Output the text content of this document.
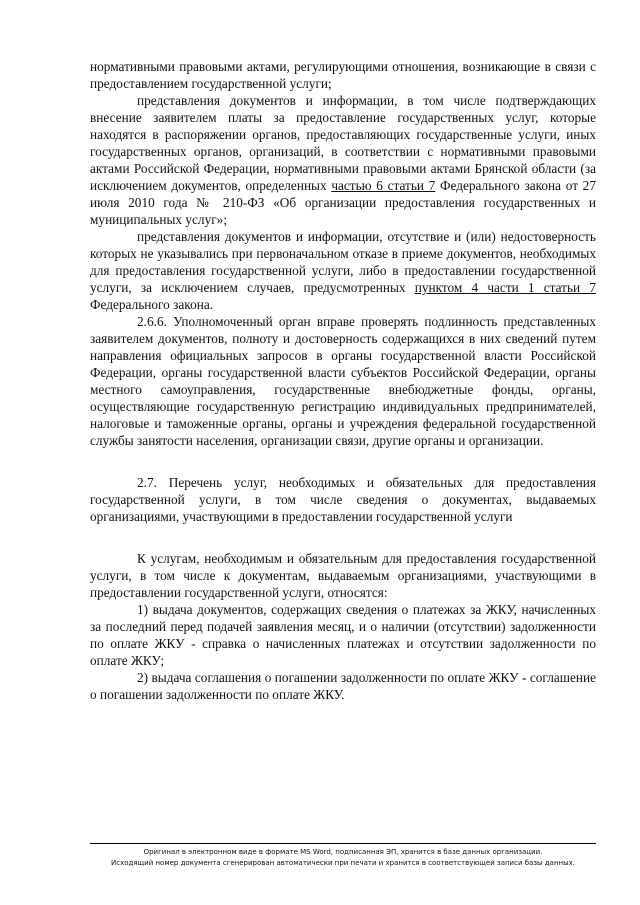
нормативными правовыми актами, регулирующими отношения, возникающие в связи с предоставлением государственной услуги;

представления документов и информации, в том числе подтверждающих внесение заявителем платы за предоставление государственных услуг, которые находятся в распоряжении органов, предоставляющих государственные услуги, иных государственных органов, организаций, в соответствии с нормативными правовыми актами Российской Федерации, нормативными правовыми актами Брянской области (за исключением документов, определенных частью 6 статьи 7 Федерального закона от 27 июля 2010 года № 210-ФЗ «Об организации предоставления государственных и муниципальных услуг»;

представления документов и информации, отсутствие и (или) недостоверность которых не указывались при первоначальном отказе в приеме документов, необходимых для предоставления государственной услуги, либо в предоставлении государственной услуги, за исключением случаев, предусмотренных пунктом 4 части 1 статьи 7 Федерального закона.

2.6.6. Уполномоченный орган вправе проверять подлинность представленных заявителем документов, полноту и достоверность содержащихся в них сведений путем направления официальных запросов в органы государственной власти Российской Федерации, органы государственной власти субъектов Российской Федерации, органы местного самоуправления, государственные внебюджетные фонды, органы, осуществляющие государственную регистрацию индивидуальных предпринимателей, налоговые и таможенные органы, органы и учреждения федеральной государственной службы занятости населения, организации связи, другие органы и организации.

2.7. Перечень услуг, необходимых и обязательных для предоставления государственной услуги, в том числе сведения о документах, выдаваемых организациями, участвующими в предоставлении государственной услуги

К услугам, необходимым и обязательным для предоставления государственной услуги, в том числе к документам, выдаваемым организациями, участвующими в предоставлении государственной услуги, относятся:

1) выдача документов, содержащих сведения о платежах за ЖКУ, начисленных за последний перед подачей заявления месяц, и о наличии (отсутствии) задолженности по оплате ЖКУ - справка о начисленных платежах и отсутствии задолженности по оплате ЖКУ;

2) выдача соглашения о погашении задолженности по оплате ЖКУ - соглашение о погашении задолженности по оплате ЖКУ.

Оригинал в электронном виде в формате MS Word, подписанная ЭП, хранится в базе данных организации.
Исходящий номер документа сгенерирован автоматически при печати и хранится в соответствующей записи базы данных.
